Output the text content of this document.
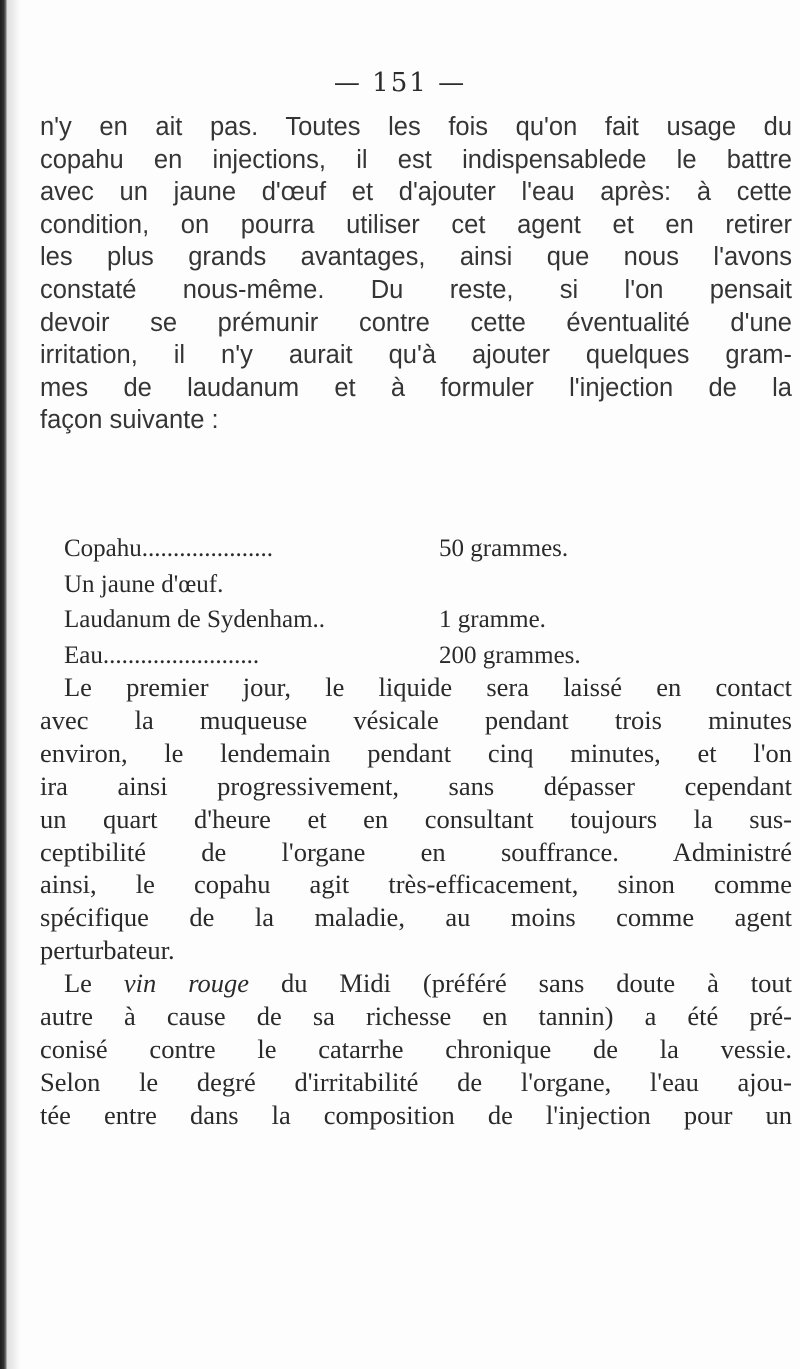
— 151 —
n'y en ait pas. Toutes les fois qu'on fait usage du
copahu en injections, il est indispensablede le battre
avec un jaune d'œuf et d'ajouter l'eau après: à cette
condition, on pourra utiliser cet agent et en retirer
les plus grands avantages, ainsi que nous l'avons
constaté nous-même. Du reste, si l'on pensait
devoir se prémunir contre cette éventualité d'une
irritation, il n'y aurait qu'à ajouter quelques gram-
mes de laudanum et à formuler l'injection de la
façon suivante :
Copahu.....................	50 grammes.
Un jaune d'œuf.
Laudanum de Sydenham..	1 gramme.
Eau.........................	200 grammes.
Le premier jour, le liquide sera laissé en contact
avec la muqueuse vésicale pendant trois minutes
environ, le lendemain pendant cinq minutes, et l'on
ira ainsi progressivement, sans dépasser cependant
un quart d'heure et en consultant toujours la sus-
ceptibilité de l'organe en souffrance. Administré
ainsi, le copahu agit très-efficacement, sinon comme
spécifique de la maladie, au moins comme agent
perturbateur.
Le vin rouge du Midi (préféré sans doute à tout
autre à cause de sa richesse en tannin) a été pré-
conisé contre le catarrhe chronique de la vessie.
Selon le degré d'irritabilité de l'organe, l'eau ajou-
tée entre dans la composition de l'injection pour un
